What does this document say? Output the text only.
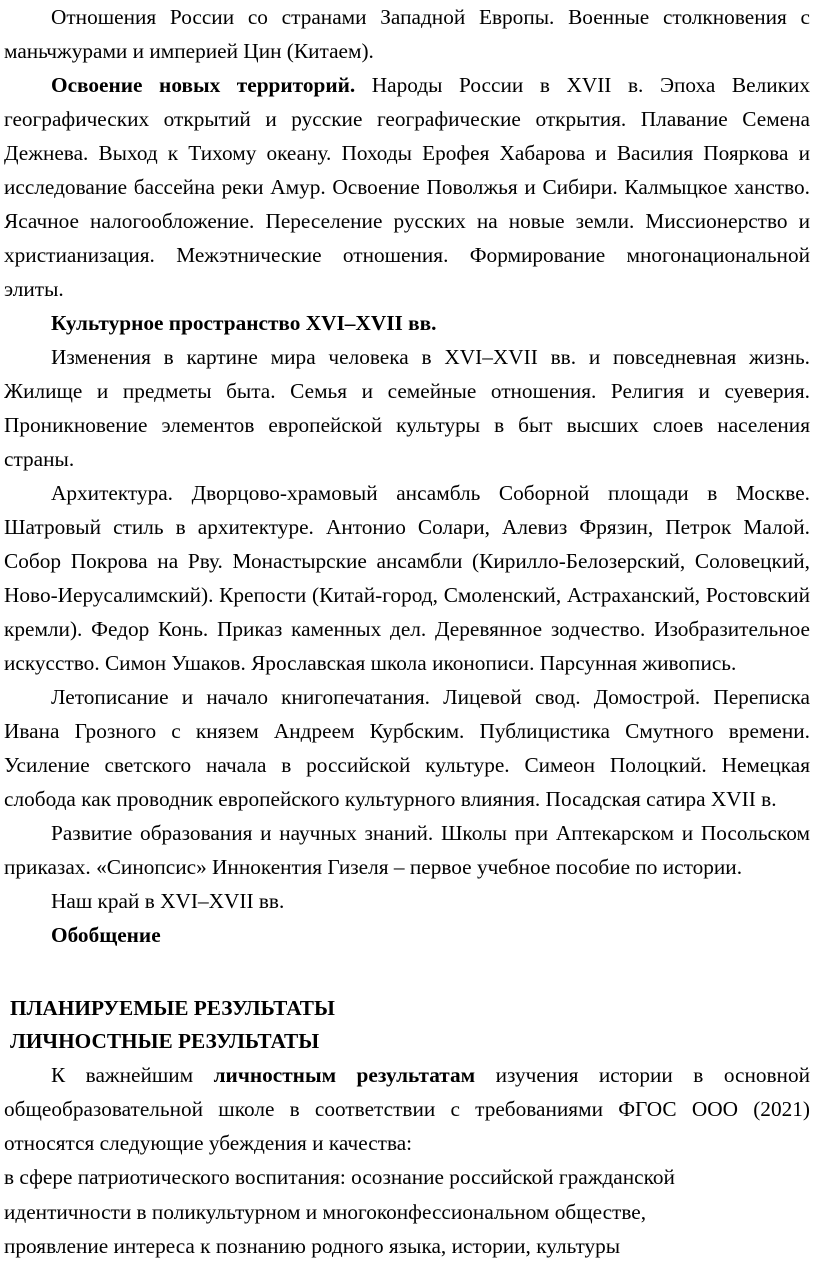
Отношения России со странами Западной Европы. Военные столкновения с маньчжурами и империей Цин (Китаем).

Освоение новых территорий. Народы России в XVII в. Эпоха Великих географических открытий и русские географические открытия. Плавание Семена Дежнева. Выход к Тихому океану. Походы Ерофея Хабарова и Василия Пояркова и исследование бассейна реки Амур. Освоение Поволжья и Сибири. Калмыцкое ханство. Ясачное налогообложение. Переселение русских на новые земли. Миссионерство и христианизация. Межэтнические отношения. Формирование многонациональной элиты.

Культурное пространство XVI–XVII вв.

Изменения в картине мира человека в XVI–XVII вв. и повседневная жизнь. Жилище и предметы быта. Семья и семейные отношения. Религия и суеверия. Проникновение элементов европейской культуры в быт высших слоев населения страны.

Архитектура. Дворцово-храмовый ансамбль Соборной площади в Москве. Шатровый стиль в архитектуре. Антонио Солари, Алевиз Фрязин, Петрок Малой. Собор Покрова на Рву. Монастырские ансамбли (Кирилло-Белозерский, Соловецкий, Ново-Иерусалимский). Крепости (Китай-город, Смоленский, Астраханский, Ростовский кремли). Федор Конь. Приказ каменных дел. Деревянное зодчество. Изобразительное искусство. Симон Ушаков. Ярославская школа иконописи. Парсунная живопись.

Летописание и начало книгопечатания. Лицевой свод. Домострой. Переписка Ивана Грозного с князем Андреем Курбским. Публицистика Смутного времени. Усиление светского начала в российской культуре. Симеон Полоцкий. Немецкая слобода как проводник европейского культурного влияния. Посадская сатира XVII в.

Развитие образования и научных знаний. Школы при Аптекарском и Посольском приказах. «Синопсис» Иннокентия Гизеля – первое учебное пособие по истории.

Наш край в XVI–XVII вв.

Обобщение

ПЛАНИРУЕМЫЕ РЕЗУЛЬТАТЫ

ЛИЧНОСТНЫЕ РЕЗУЛЬТАТЫ

К важнейшим личностным результатам изучения истории в основной общеобразовательной школе в соответствии с требованиями ФГОС ООО (2021) относятся следующие убеждения и качества:

в сфере патриотического воспитания: осознание российской гражданской

идентичности в поликультурном и многоконфессиональном обществе,

проявление интереса к познанию родного языка, истории, культуры
